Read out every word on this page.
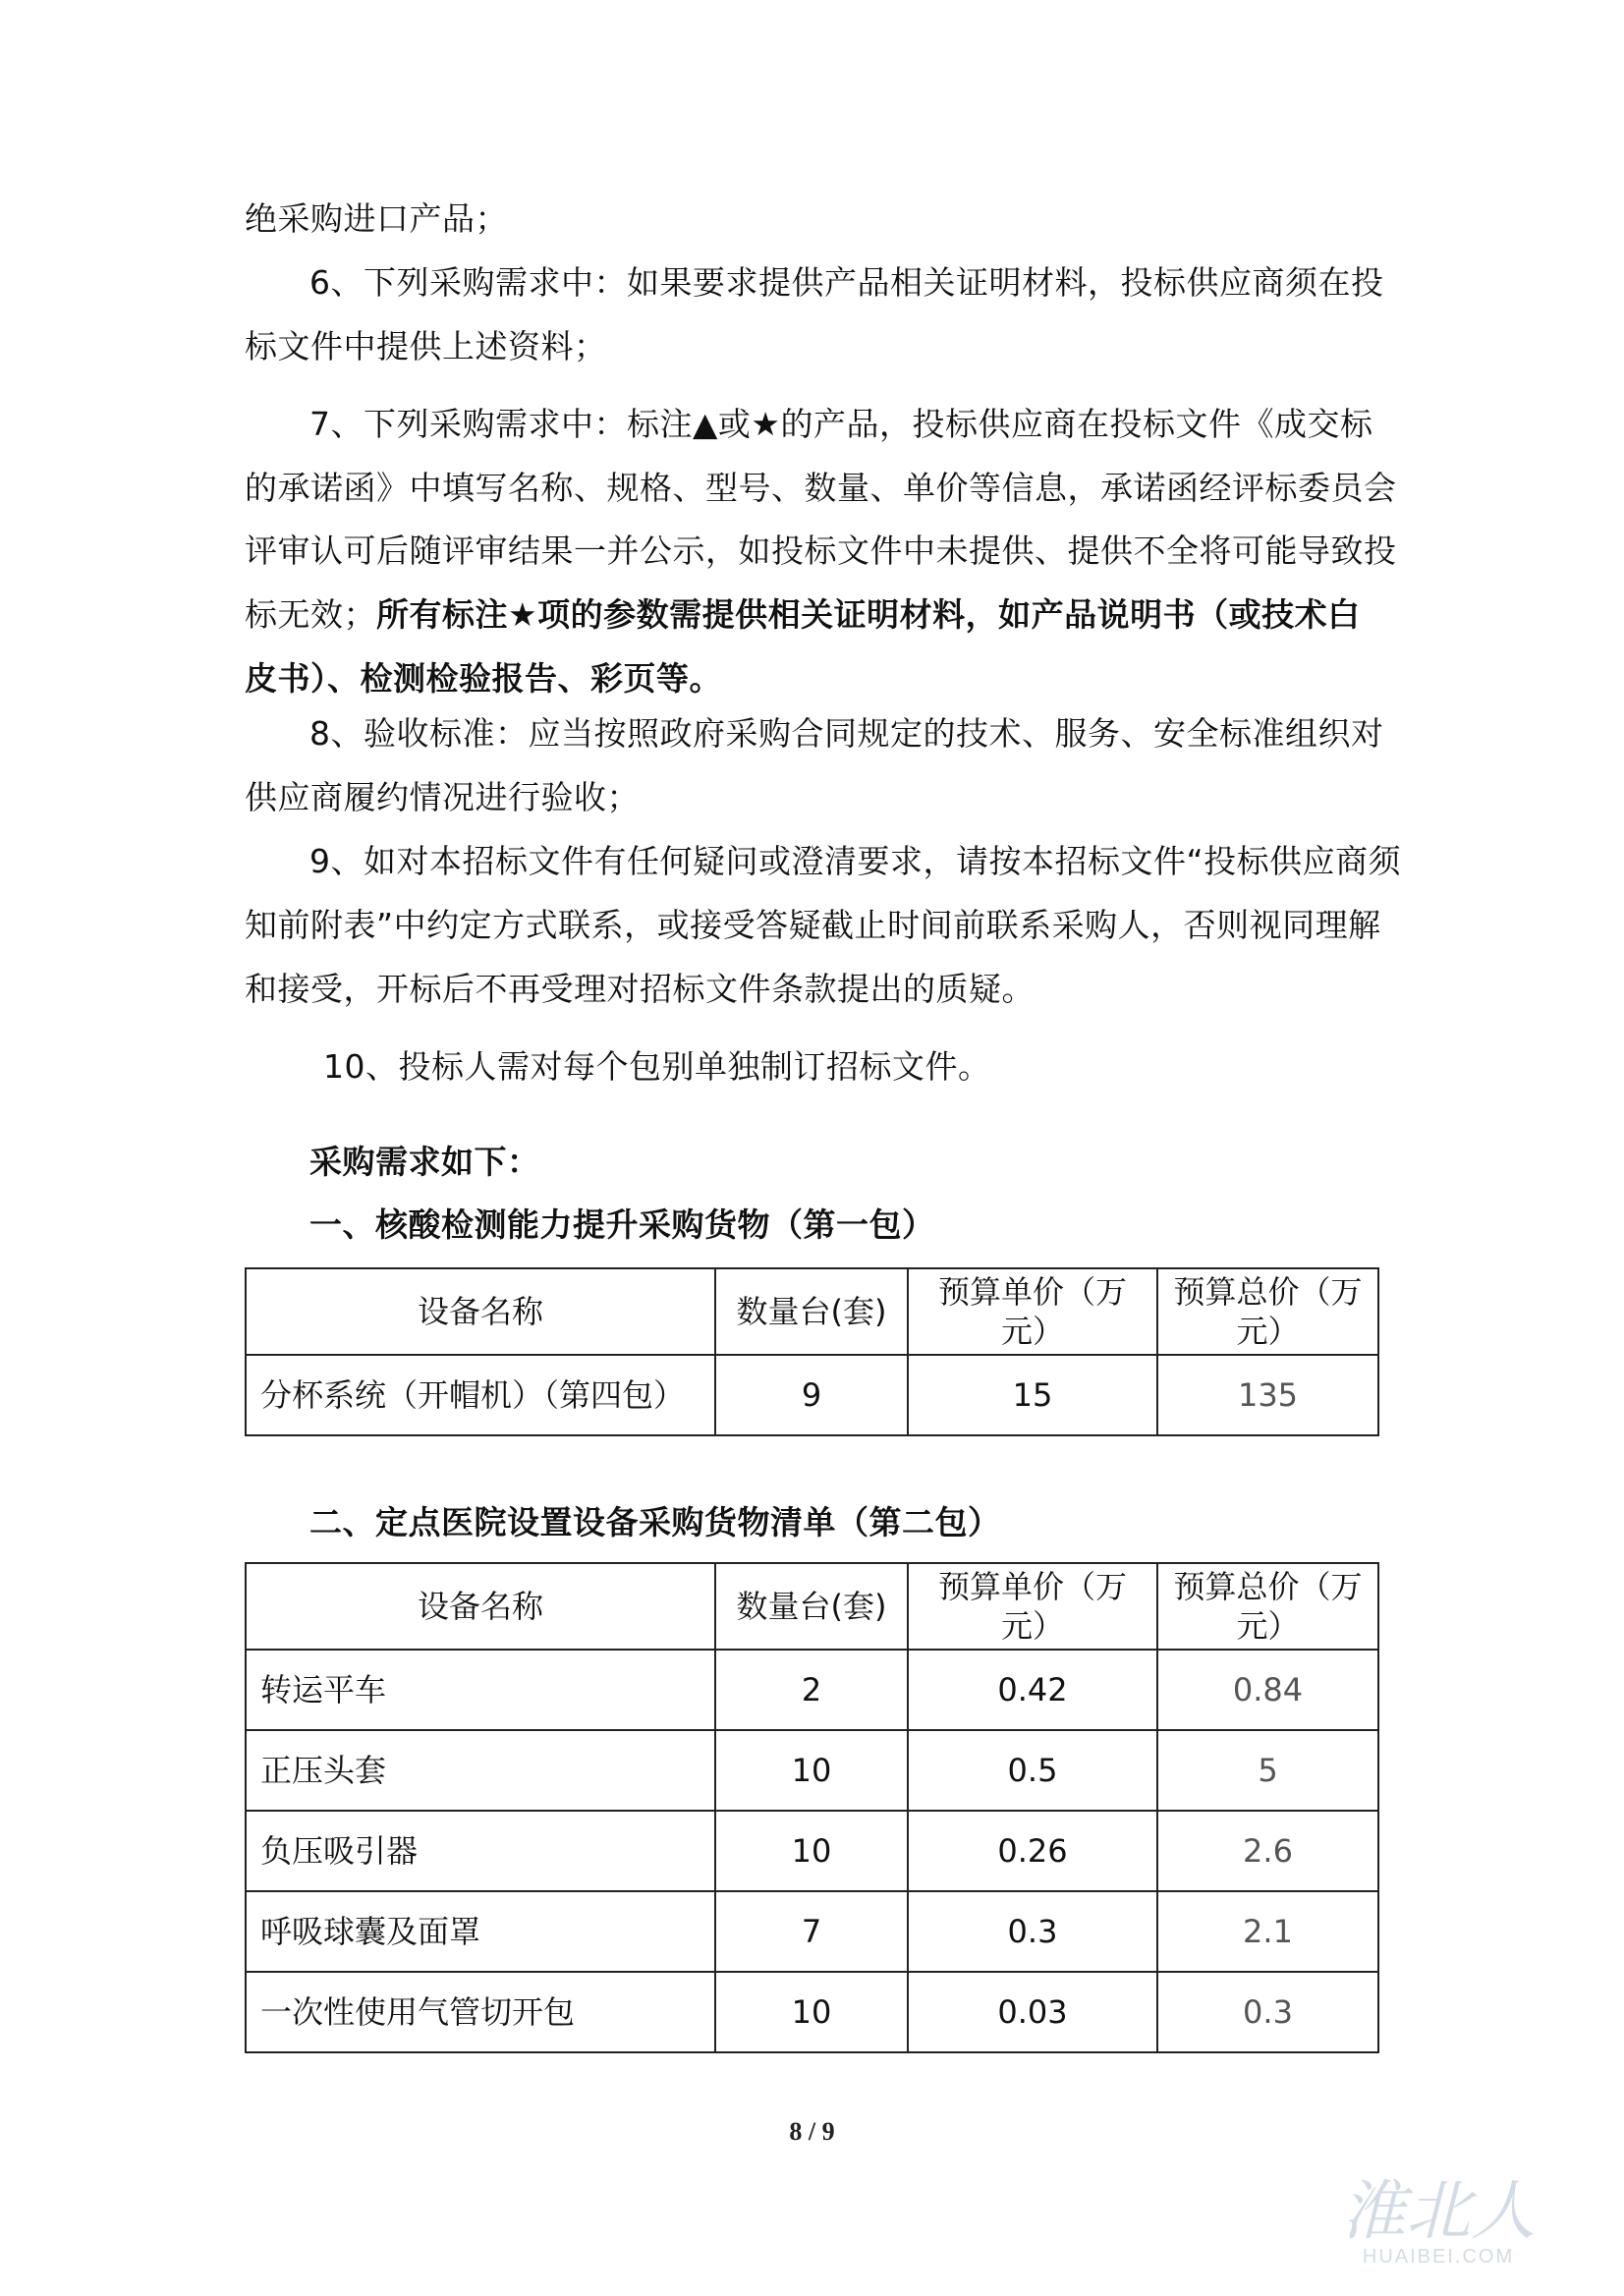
绝采购进口产品；
6、下列采购需求中：如果要求提供产品相关证明材料，投标供应商须在投
标文件中提供上述资料；
7、下列采购需求中：标注▲或★的产品，投标供应商在投标文件《成交标
的承诺函》中填写名称、规格、型号、数量、单价等信息，承诺函经评标委员会
评审认可后随评审结果一并公示，如投标文件中未提供、提供不全将可能导致投
标无效；所有标注★项的参数需提供相关证明材料，如产品说明书（或技术白
皮书）、检测检验报告、彩页等。
8、验收标准：应当按照政府采购合同规定的技术、服务、安全标准组织对
供应商履约情况进行验收；
9、如对本招标文件有任何疑问或澄清要求，请按本招标文件“投标供应商须
知前附表”中约定方式联系，或接受答疑截止时间前联系采购人，否则视同理解
和接受，开标后不再受理对招标文件条款提出的质疑。
10、投标人需对每个包别单独制订招标文件。
采购需求如下：
一、核酸检测能力提升采购货物（第一包）
设备名称	数量台(套)	预算单价（万元）	预算总价（万元）
分杯系统（开帽机）（第四包）	9	15	135
二、定点医院设置设备采购货物清单（第二包）
设备名称	数量台(套)	预算单价（万元）	预算总价（万元）
转运平车	2	0.42	0.84
正压头套	10	0.5	5
负压吸引器	10	0.26	2.6
呼吸球囊及面罩	7	0.3	2.1
一次性使用气管切开包	10	0.03	0.3
8 / 9
淮北人
HUAIBEI.COM
